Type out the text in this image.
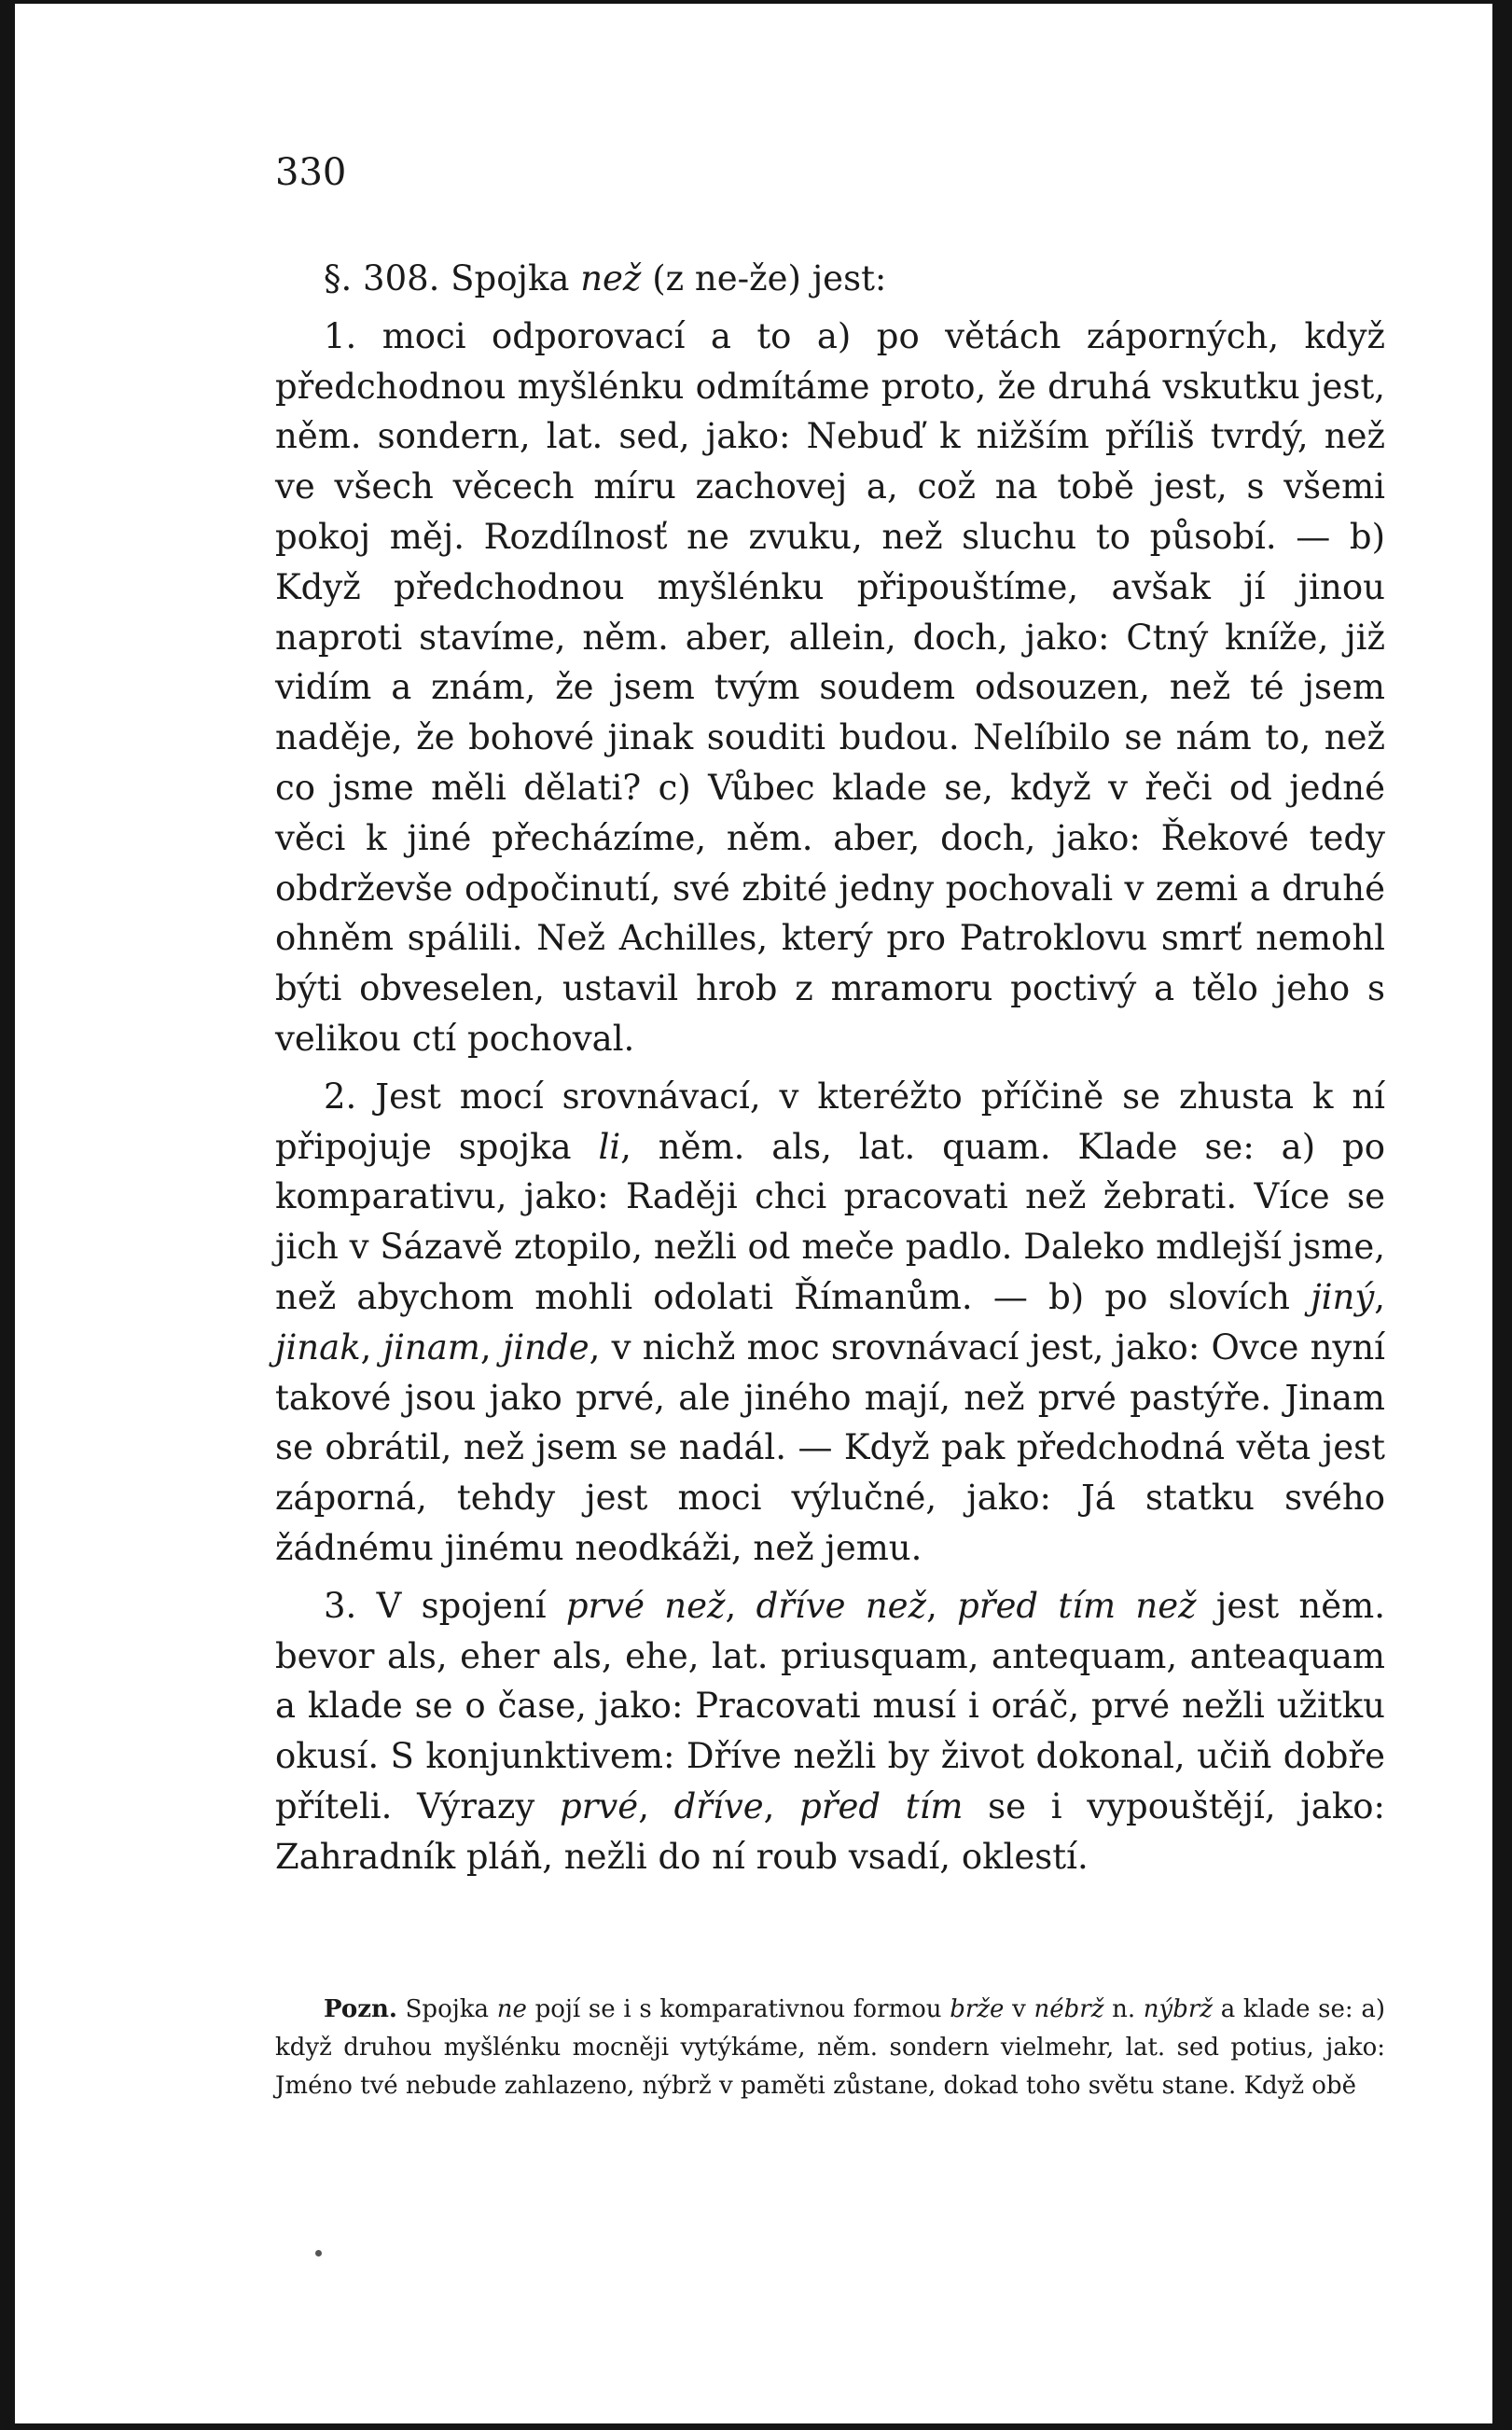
330

§. 308. Spojka než (z ne-že) jest:

1. moci odporovací a to a) po větách záporných, když předchodnou myšlénku odmítáme proto, že druhá vskutku jest, něm. sondern, lat. sed, jako: Nebuď k nižším příliš tvrdý, než ve všech věcech míru zachovej a, což na tobě jest, s všemi pokoj měj. Rozdílnosť ne zvuku, než sluchu to působí. — b) Když předchodnou myšlénku připouštíme, avšak jí jinou naproti stavíme, něm. aber, allein, doch, jako: Ctný kníže, již vidím a znám, že jsem tvým soudem odsouzen, než té jsem naděje, že bohové jinak souditi budou. Nelíbilo se nám to, než co jsme měli dělati? c) Vůbec klade se, když v řeči od jedné věci k jiné přecházíme, něm. aber, doch, jako: Řekové tedy obdrževše odpočinutí, své zbité jedny pochovali v zemi a druhé ohněm spálili. Než Achilles, který pro Patroklovu smrť nemohl býti obveselen, ustavil hrob z mramoru poctivý a tělo jeho s velikou ctí pochoval.

2. Jest mocí srovnávací, v kteréžto příčině se zhusta k ní připojuje spojka li, něm. als, lat. quam. Klade se: a) po komparativu, jako: Raději chci pracovati než žebrati. Více se jich v Sázavě ztopilo, nežli od meče padlo. Daleko mdlejší jsme, než abychom mohli odolati Římanům. — b) po slovích jiný, jinak, jinam, jinde, v nichž moc srovnávací jest, jako: Ovce nyní takové jsou jako prvé, ale jiného mají, než prvé pastýře. Jinam se obrátil, než jsem se nadál. — Když pak předchodná věta jest záporná, tehdy jest moci výlučné, jako: Já statku svého žádnému jinému neodkáži, než jemu.

3. V spojení prvé než, dříve než, před tím než jest něm. bevor als, eher als, ehe, lat. priusquam, antequam, anteaquam a klade se o čase, jako: Pracovati musí i oráč, prvé nežli užitku okusí. S konjunktivem: Dříve nežli by život dokonal, učiň dobře příteli. Výrazy prvé, dříve, před tím se i vypouštějí, jako: Zahradník pláň, nežli do ní roub vsadí, oklestí.

Pozn. Spojka ne pojí se i s komparativnou formou brže v nébrž n. nýbrž a klade se: a) když druhou myšlénku mocněji vytýkáme, něm. sondern vielmehr, lat. sed potius, jako: Jméno tvé nebude zahlazeno, nýbrž v paměti zůstane, dokad toho světu stane. Když obě
